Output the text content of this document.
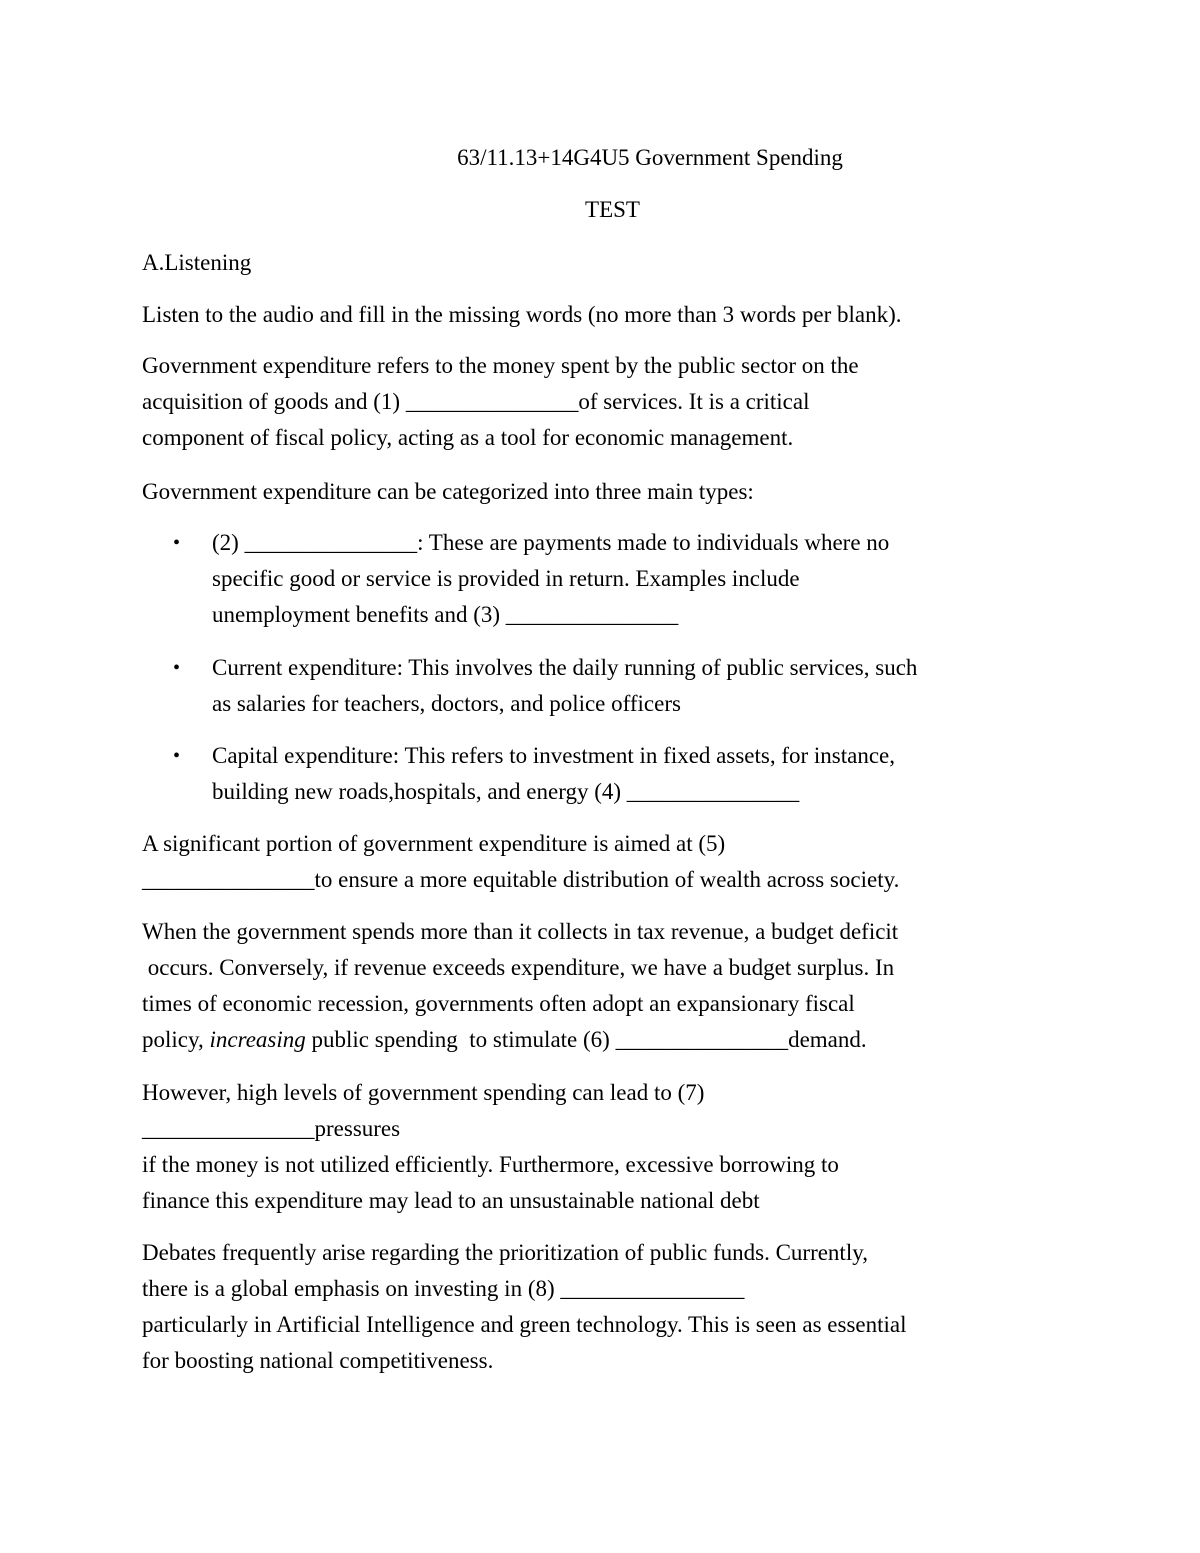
63/11.13+14G4U5 Government Spending
TEST
A.Listening
Listen to the audio and fill in the missing words (no more than 3 words per blank).

Government expenditure refers to the money spent by the public sector on the

acquisition of goods and (1) _______________of services. It is a critical

component of fiscal policy, acting as a tool for economic management.

Government expenditure can be categorized into three main types:
•	(2) _______________: These are payments made to individuals where no

specific good or service is provided in return. Examples include

unemployment benefits and (3) _______________

•	Current expenditure: This involves the daily running of public services, such

as salaries for teachers, doctors, and police officers

•	Capital expenditure: This refers to investment in fixed assets, for instance,

building new roads,hospitals, and energy (4) _______________

A significant portion of government expenditure is aimed at (5)

_______________to ensure a more equitable distribution of wealth across society.

When the government spends more than it collects in tax revenue, a budget deficit

occurs. Conversely, if revenue exceeds expenditure, we have a budget surplus. In

times of economic recession, governments often adopt an expansionary fiscal

policy, increasing public spending  to stimulate (6) _______________demand.

However, high levels of government spending can lead to (7)

_______________pressures

if the money is not utilized efficiently. Furthermore, excessive borrowing to

finance this expenditure may lead to an unsustainable national debt

Debates frequently arise regarding the prioritization of public funds. Currently,

there is a global emphasis on investing in (8) ________________

particularly in Artificial Intelligence and green technology. This is seen as essential

for boosting national competitiveness.
